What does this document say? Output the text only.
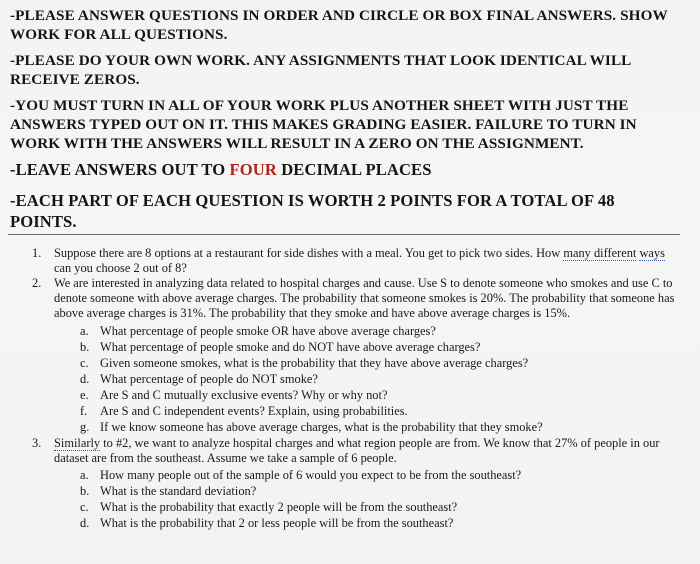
-PLEASE ANSWER QUESTIONS IN ORDER AND CIRCLE OR BOX FINAL ANSWERS. SHOW WORK FOR ALL QUESTIONS.
-PLEASE DO YOUR OWN WORK. ANY ASSIGNMENTS THAT LOOK IDENTICAL WILL RECEIVE ZEROS.
-YOU MUST TURN IN ALL OF YOUR WORK PLUS ANOTHER SHEET WITH JUST THE ANSWERS TYPED OUT ON IT. THIS MAKES GRADING EASIER. FAILURE TO TURN IN WORK WITH THE ANSWERS WILL RESULT IN A ZERO ON THE ASSIGNMENT.
-LEAVE ANSWERS OUT TO FOUR DECIMAL PLACES
-EACH PART OF EACH QUESTION IS WORTH 2 POINTS FOR A TOTAL OF 48 POINTS.
1. Suppose there are 8 options at a restaurant for side dishes with a meal. You get to pick two sides. How many different ways can you choose 2 out of 8?
2. We are interested in analyzing data related to hospital charges and cause. Use S to denote someone who smokes and use C to denote someone with above average charges. The probability that someone smokes is 20%. The probability that someone has above average charges is 31%. The probability that they smoke and have above average charges is 15%.
a. What percentage of people smoke OR have above average charges?
b. What percentage of people smoke and do NOT have above average charges?
c. Given someone smokes, what is the probability that they have above average charges?
d. What percentage of people do NOT smoke?
e. Are S and C mutually exclusive events? Why or why not?
f. Are S and C independent events? Explain, using probabilities.
g. If we know someone has above average charges, what is the probability that they smoke?
3. Similarly to #2, we want to analyze hospital charges and what region people are from. We know that 27% of people in our dataset are from the southeast. Assume we take a sample of 6 people.
a. How many people out of the sample of 6 would you expect to be from the southeast?
b. What is the standard deviation?
c. What is the probability that exactly 2 people will be from the southeast?
d. What is the probability that 2 or less people will be from the southeast?
